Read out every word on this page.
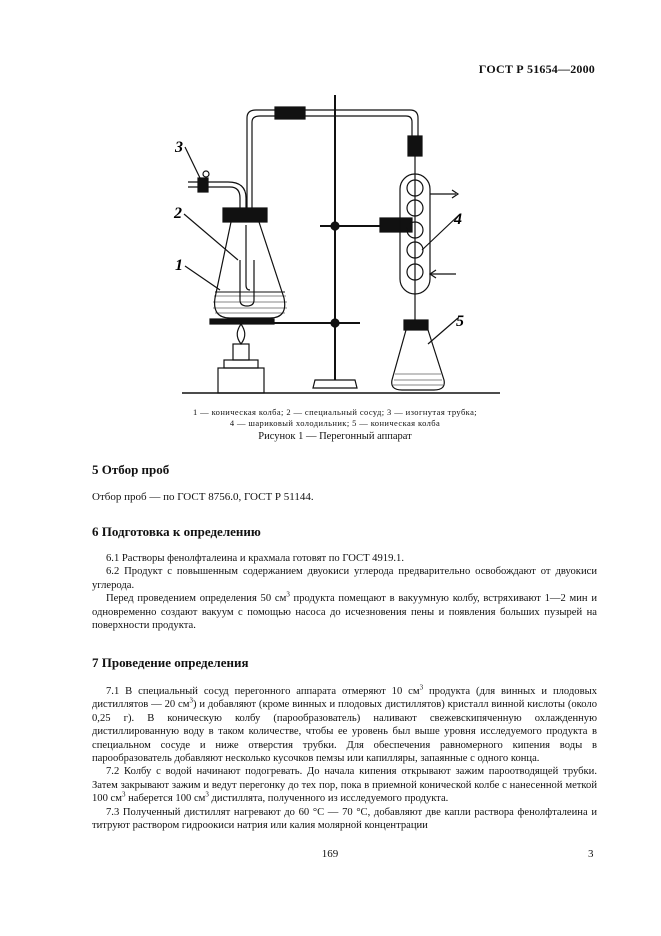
ГОСТ Р 51654—2000
3
2
1
4
5
1 — коническая колба; 2 — специальный сосуд; 3 — изогнутая трубка;
4 — шариковый холодильник; 5 — коническая колба
Рисунок 1 — Перегонный аппарат
5 Отбор проб
Отбор проб — по ГОСТ 8756.0, ГОСТ Р 51144.
6 Подготовка к определению

6.1 Растворы фенолфталеина и крахмала готовят по ГОСТ 4919.1.

6.2 Продукт с повышенным содержанием двуокиси углерода предварительно освобождают от двуокиси углерода.

Перед проведением определения 50 $см^3$ продукта помещают в вакуумную колбу, встряхивают 1—2 мин и одновременно создают вакуум с помощью насоса до исчезновения пены и появления больших пузырей на поверхности продукта.

7 Проведение определения

7.1 В специальный сосуд перегонного аппарата отмеряют 10 $см^3$ продукта (для винных и плодовых дистиллятов — 20 $см^3$) и добавляют (кроме винных и плодовых дистиллятов) кристалл винной кислоты (около 0,25 г). В коническую колбу (парообразователь) наливают свежевскипяченную охлажденную дистиллированную воду в таком количестве, чтобы ее уровень был выше уровня исследуемого продукта в специальном сосуде и ниже отверстия трубки. Для обеспечения равномерного кипения воды в парообразователь добавляют несколько кусочков пемзы или капилляры, запаянные с одного конца.

7.2 Колбу с водой начинают подогревать. До начала кипения открывают зажим пароотводящей трубки. Затем закрывают зажим и ведут перегонку до тех пор, пока в приемной конической колбе с нанесенной меткой 100 $см^3$ наберется 100 $см^3$ дистиллята, полученного из исследуемого продукта.

7.3 Полученный дистиллят нагревают до 60 °С — 70 °С, добавляют две капли раствора фенолфталеина и титруют раствором гидроокиси натрия или калия молярной концентрации

169	3
